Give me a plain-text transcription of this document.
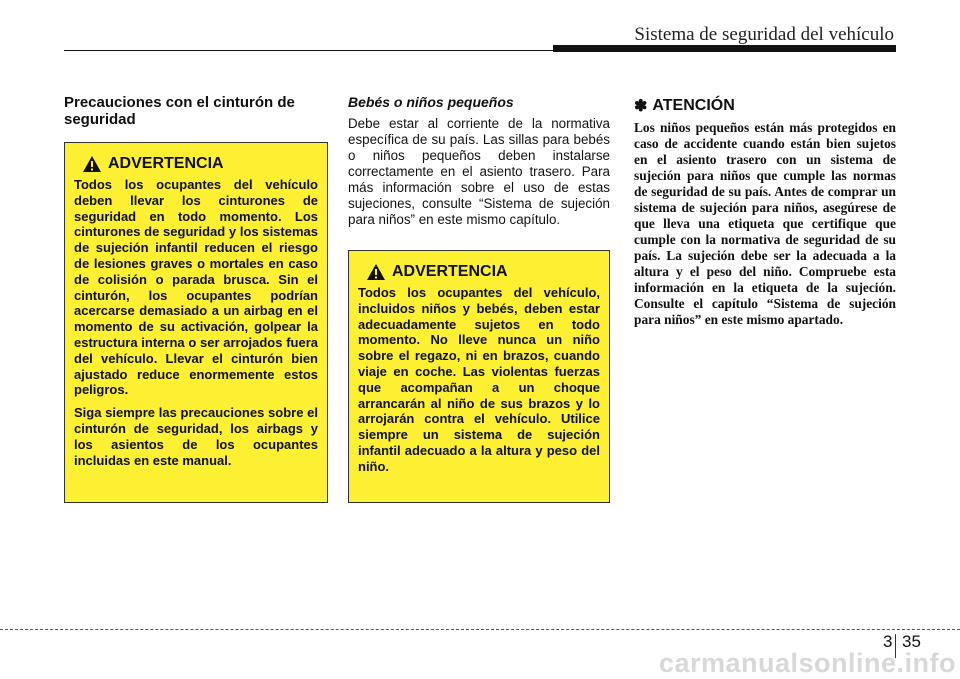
Sistema de seguridad del vehículo
Precauciones con el cinturón de seguridad
ADVERTENCIA

Todos los ocupantes del vehículo deben llevar los cinturones de seguridad en todo momento. Los cinturones de seguridad y los sistemas de sujeción infantil reducen el riesgo de lesiones graves o mortales en caso de colisión o parada brusca. Sin el cinturón, los ocupantes podrían acercarse demasiado a un airbag en el momento de su activación, golpear la estructura interna o ser arrojados fuera del vehículo. Llevar el cinturón bien ajustado reduce enormemente estos peligros.

Siga siempre las precauciones sobre el cinturón de seguridad, los airbags y los asientos de los ocupantes incluidas en este manual.

Bebés o niños pequeños

Debe estar al corriente de la normativa específica de su país. Las sillas para bebés o niños pequeños deben instalarse correctamente en el asiento trasero. Para más información sobre el uso de estas sujeciones, consulte “Sistema de sujeción para niños” en este mismo capítulo.

ADVERTENCIA

Todos los ocupantes del vehículo, incluidos niños y bebés, deben estar adecuadamente sujetos en todo momento. No lleve nunca un niño sobre el regazo, ni en brazos, cuando viaje en coche. Las violentas fuerzas que acompañan a un choque arrancarán al niño de sus brazos y lo arrojarán contra el vehículo. Utilice siempre un sistema de sujeción infantil adecuado a la altura y peso del niño.

✽ ATENCIÓN

Los niños pequeños están más protegidos en caso de accidente cuando están bien sujetos en el asiento trasero con un sistema de sujeción para niños que cumple las normas de seguridad de su país. Antes de comprar un sistema de sujeción para niños, asegúrese de que lleva una etiqueta que certifique que cumple con la normativa de seguridad de su país. La sujeción debe ser la adecuada a la altura y el peso del niño. Compruebe esta información en la etiqueta de la sujeción. Consulte el capítulo “Sistema de sujeción para niños” en este mismo apartado.

3 35
carmanualsonline.info
